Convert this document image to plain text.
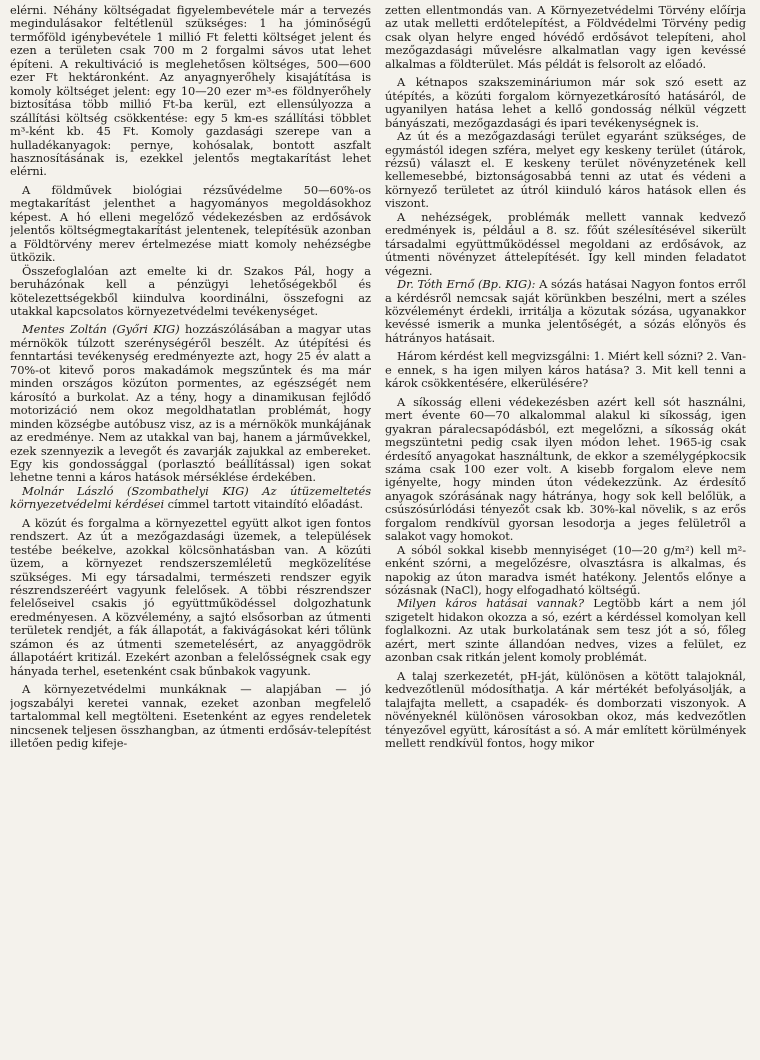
elérni. Néhány költségadat figyelembevétele már a tervezés megindulásakor feltétlenül szükséges: 1 ha jóminőségű termőföld igénybevétele 1 millió Ft feletti költséget jelent és ezen a területen csak 700 m 2 forgalmi sávos utat lehet építeni. A rekultiváció is meglehetősen költséges, 500—600 ezer Ft hektáronként. Az anyagnyerőhely kisajátítása is komoly költséget jelent: egy 10—20 ezer m³-es földnyerőhely biztosítása több millió Ft-ba kerül, ezt ellensúlyozza a szállítási költség csökkentése: egy 5 km-es szállítási többlet m³-ként kb. 45 Ft. Komoly gazdasági szerepe van a hulladékanyagok: pernye, kohósalak, bontott aszfalt hasznosításának is, ezekkel jelentős megtakarítást lehet elérni.

A földművek biológiai rézsűvédelme 50—60%-os megtakarítást jelenthet a hagyományos megoldásokhoz képest. A hó elleni megelőző védekezésben az erdősávok jelentős költségmegtakarítást jelentenek, telepítésük azonban a Földtörvény merev értelmezése miatt komoly nehézségbe ütközik.

Összefoglalóan azt emelte ki dr. Szakos Pál, hogy a beruházónak kell a pénzügyi lehetőségekből és kötelezettségekből kiindulva koordinálni, összefogni az utakkal kapcsolatos környezetvédelmi tevékenységet.

Mentes Zoltán (Győri KIG) hozzászólásában a magyar utas mérnökök túlzott szerénységéről beszélt. Az útépítési és fenntartási tevékenység eredményezte azt, hogy 25 év alatt a 70%-ot kitevő poros makadámok megszűntek és ma már minden országos közúton pormentes, az egészségét nem károsító a burkolat. Az a tény, hogy a dinamikusan fejlődő motorizáció nem okoz megoldhatatlan problémát, hogy minden községbe autóbusz visz, az is a mérnökök munkájának az eredménye. Nem az utakkal van baj, hanem a járművekkel, ezek szennyezik a levegőt és zavarják zajukkal az embereket. Egy kis gondossággal (porlasztó beállítással) igen sokat lehetne tenni a káros hatások mérséklése érdekében.

Molnár László (Szombathelyi KIG) Az útüzemeltetés környezetvédelmi kérdései címmel tartott vitaindító előadást.

A közút és forgalma a környezettel együtt alkot igen fontos rendszert. Az út a mezőgazdasági üzemek, a települések testébe beékelve, azokkal kölcsönhatásban van. A közúti üzem, a környezet rendszerszemléletű megközelítése szükséges. Mi egy társadalmi, természeti rendszer egyik részrendszeréért vagyunk felelősek. A többi részrendszer felelőseivel csakis jó együttműködéssel dolgozhatunk eredményesen. A közvélemény, a sajtó elsősorban az útmenti területek rendjét, a fák állapotát, a fakivágásokat kéri tőlünk számon és az útmenti szemetelésért, az anyaggödrök állapotáért kritizál. Ezekért azonban a felelősségnek csak egy hányada terhel, esetenként csak bűnbakok vagyunk.

A környezetvédelmi munkáknak — alapjában — jó jogszabályi keretei vannak, ezeket azonban megfelelő tartalommal kell megtölteni. Esetenként az egyes rendeletek nincsenek teljesen összhangban, az útmenti erdősáv-telepítést illetően pedig kifeje-

zetten ellentmondás van. A Környezetvédelmi Törvény előírja az utak melletti erdőtelepítést, a Földvédelmi Törvény pedig csak olyan helyre enged hóvédő erdősávot telepíteni, ahol mezőgazdasági művelésre alkalmatlan vagy igen kevéssé alkalmas a földterület. Más példát is felsorolt az előadó.

A kétnapos szakszemináriumon már sok szó esett az útépítés, a közúti forgalom környezetkárosító hatásáról, de ugyanilyen hatása lehet a kellő gondosság nélkül végzett bányászati, mezőgazdasági és ipari tevékenységnek is.

Az út és a mezőgazdasági terület egyaránt szükséges, de egymástól idegen szféra, melyet egy keskeny terület (útárok, rézsű) választ el. E keskeny terület növényzetének kell kellemesebbé, biztonságosabbá tenni az utat és védeni a környező területet az útról kiinduló káros hatások ellen és viszont.

A nehézségek, problémák mellett vannak kedvező eredmények is, például a 8. sz. főút szélesítésével sikerült társadalmi együttműködéssel megoldani az erdősávok, az útmenti növényzet áttelepítését. Így kell minden feladatot végezni.

Dr. Tóth Ernő (Bp. KIG): A sózás hatásai Nagyon fontos erről a kérdésről nemcsak saját körünkben beszélni, mert a széles közvéleményt érdekli, irritálja a közutak sózása, ugyanakkor kevéssé ismerik a munka jelentőségét, a sózás előnyös és hátrányos hatásait.

Három kérdést kell megvizsgálni: 1. Miért kell sózni? 2. Van-e ennek, s ha igen milyen káros hatása? 3. Mit kell tenni a károk csökkentésére, elkerülésére?

A síkosság elleni védekezésben azért kell sót használni, mert évente 60—70 alkalommal alakul ki síkosság, igen gyakran páralecsapódásból, ezt megelőzni, a síkosság okát megszüntetni pedig csak ilyen módon lehet. 1965-ig csak érdesítő anyagokat használtunk, de ekkor a személygépkocsik száma csak 100 ezer volt. A kisebb forgalom eleve nem igényelte, hogy minden úton védekezzünk. Az érdesítő anyagok szórásának nagy hátránya, hogy sok kell belőlük, a csúszósúrlódási tényezőt csak kb. 30%-kal növelik, s az erős forgalom rendkívül gyorsan lesodorja a jeges felületről a salakot vagy homokot.

A sóból sokkal kisebb mennyiséget (10—20 g/m²) kell m²-enként szórni, a megelőzésre, olvasztásra is alkalmas, és napokig az úton maradva ismét hatékony. Jelentős előnye a sózásnak (NaCl), hogy elfogadható költségű.

Milyen káros hatásai vannak? Legtöbb kárt a nem jól szigetelt hidakon okozza a só, ezért a kérdéssel komolyan kell foglalkozni. Az utak burkolatának sem tesz jót a só, főleg azért, mert szinte állandóan nedves, vizes a felület, ez azonban csak ritkán jelent komoly problémát.

A talaj szerkezetét, pH-ját, különösen a kötött talajoknál, kedvezőtlenül módosíthatja. A kár mértékét befolyásolják, a talajfajta mellett, a csapadék- és domborzati viszonyok. A növényeknél különösen városokban okoz, más kedvezőtlen tényezővel együtt, károsítást a só. A már említett körülmények mellett rendkívül fontos, hogy mikor
